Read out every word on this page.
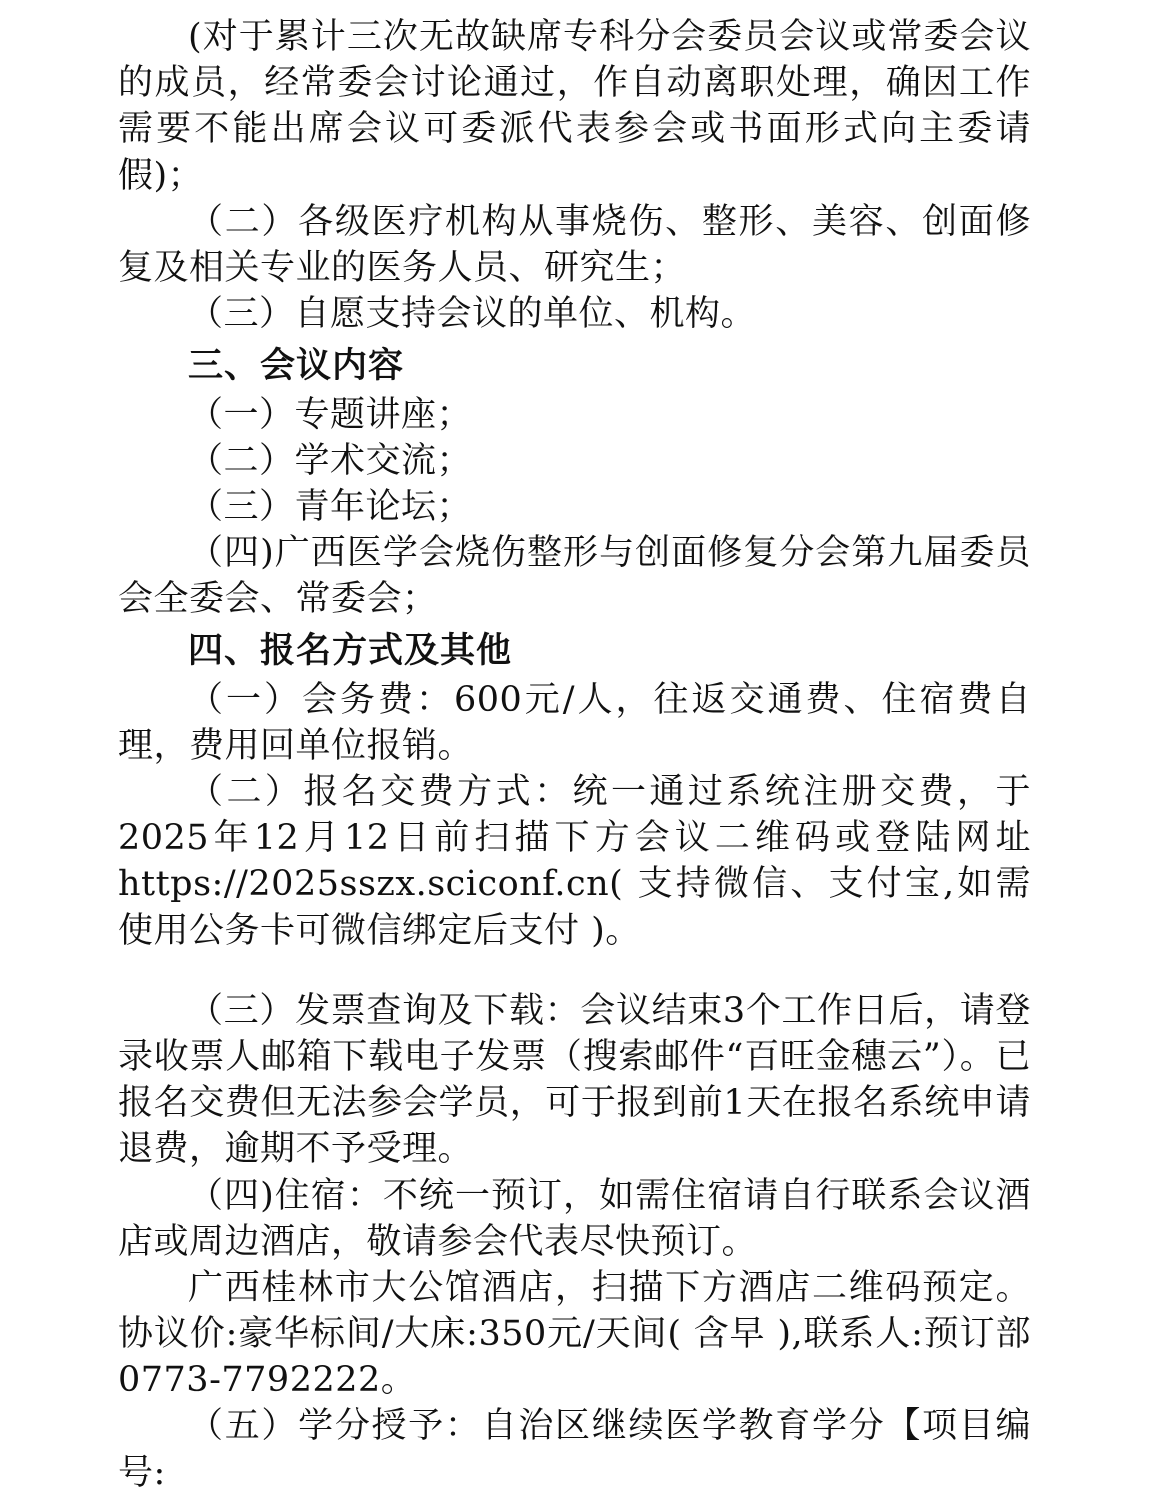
(对于累计三次无故缺席专科分会委员会议或常委会议的成员，经常委会讨论通过，作自动离职处理，确因工作需要不能出席会议可委派代表参会或书面形式向主委请假)；

（二）各级医疗机构从事烧伤、整形、美容、创面修复及相关专业的医务人员、研究生；

（三）自愿支持会议的单位、机构。

三、会议内容

（一）专题讲座；

（二）学术交流；

（三）青年论坛；

（四)广西医学会烧伤整形与创面修复分会第九届委员会全委会、常委会；

四、报名方式及其他

（一）会务费：600元/人，往返交通费、住宿费自理，费用回单位报销。

（二）报名交费方式：统一通过系统注册交费，于2025年12月12日前扫描下方会议二维码或登陆网址https://2025sszx.sciconf.cn( 支持微信、支付宝,如需使用公务卡可微信绑定后支付 )。

（三）发票查询及下载：会议结束3个工作日后，请登录收票人邮箱下载电子发票（搜索邮件“百旺金穗云”）。已报名交费但无法参会学员，可于报到前1天在报名系统申请退费，逾期不予受理。

（四)住宿：不统一预订，如需住宿请自行联系会议酒店或周边酒店，敬请参会代表尽快预订。

广西桂林市大公馆酒店，扫描下方酒店二维码预定。协议价:豪华标间/大床:350元/天间( 含早 ),联系人:预订部0773-7792222。

（五）学分授予：自治区继续医学教育学分【项目编号:
